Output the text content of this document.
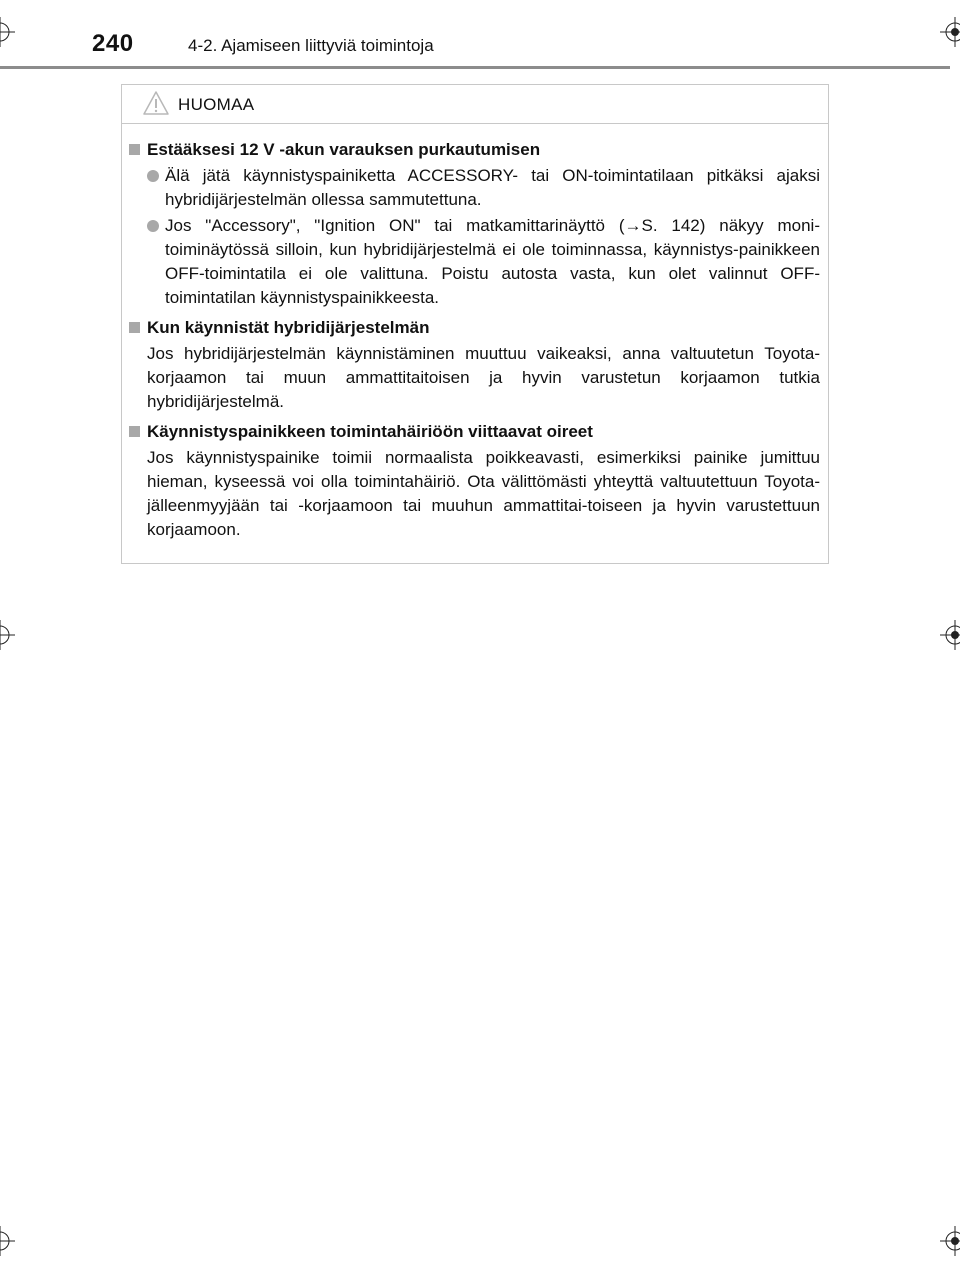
240	4-2. Ajamiseen liittyviä toimintoja
HUOMAA
Estääksesi 12 V -akun varauksen purkautumisen
Älä jätä käynnistyspainiketta ACCESSORY- tai ON-toimintatilaan pitkäksi ajaksi hybridijärjestelmän ollessa sammutettuna.
Jos "Accessory", "Ignition ON" tai matkamittarinäyttö (→S. 142) näkyy moni-toiminäytössä silloin, kun hybridijärjestelmä ei ole toiminnassa, käynnistys-painikkeen OFF-toimintatila ei ole valittuna. Poistu autosta vasta, kun olet valinnut OFF-toimintatilan käynnistyspainikkeesta.
Kun käynnistät hybridijärjestelmän
Jos hybridijärjestelmän käynnistäminen muuttuu vaikeaksi, anna valtuutetun Toyota-korjaamon tai muun ammattitaitoisen ja hyvin varustetun korjaamon tutkia hybridijärjestelmä.
Käynnistyspainikkeen toimintahäiriöön viittaavat oireet
Jos käynnistyspainike toimii normaalista poikkeavasti, esimerkiksi painike jumittuu hieman, kyseessä voi olla toimintahäiriö. Ota välittömästi yhteyttä valtuutettuun Toyota-jälleenmyyjään tai -korjaamoon tai muuhun ammattitai-toiseen ja hyvin varustettuun korjaamoon.
